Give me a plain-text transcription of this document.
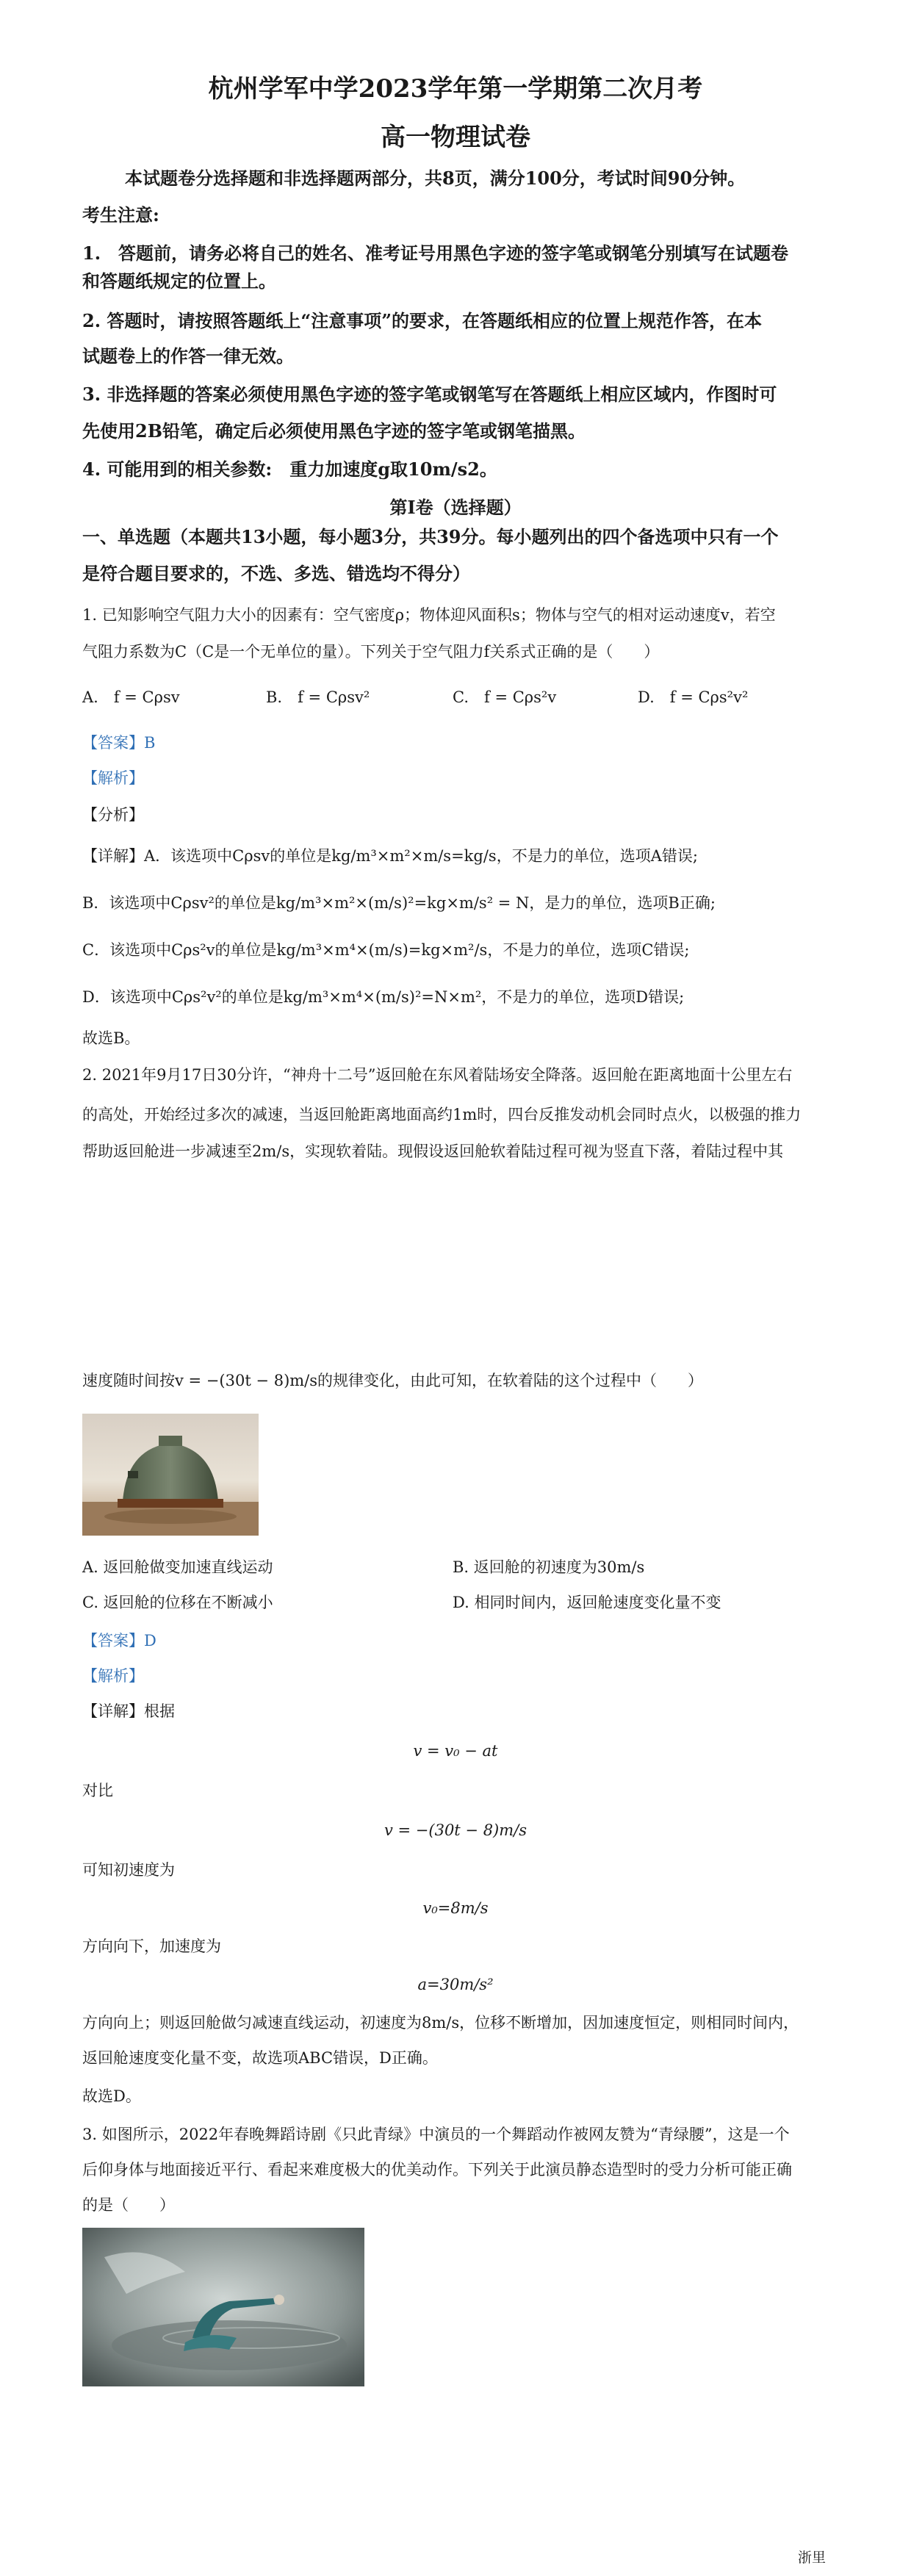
杭州学军中学2023学年第一学期第二次月考
高一物理试卷
本试题卷分选择题和非选择题两部分，共8页，满分100分，考试时间90分钟。
考生注意:
1.　答题前，请务必将自己的姓名、准考证号用黑色字迹的签字笔或钢笔分别填写在试题卷
和答题纸规定的位置上。
2. 答题时，请按照答题纸上“注意事项”的要求，在答题纸相应的位置上规范作答，在本
试题卷上的作答一律无效。
3. 非选择题的答案必须使用黑色字迹的签字笔或钢笔写在答题纸上相应区域内，作图时可
先使用2B铅笔，确定后必须使用黑色字迹的签字笔或钢笔描黑。
4. 可能用到的相关参数:　重力加速度g取10m/s2。
第Ⅰ卷（选择题）
一、单选题（本题共13小题，每小题3分，共39分。每小题列出的四个备选项中只有一个
是符合题目要求的，不选、多选、错选均不得分）
1. 已知影响空气阻力大小的因素有：空气密度ρ；物体迎风面积s；物体与空气的相对运动速度v，若空
气阻力系数为C（C是一个无单位的量）。下列关于空气阻力f关系式正确的是（　　）
A.　f = Cρsv	B.　f = Cρsv²	C.　f = Cρs²v	D.　f = Cρs²v²
【答案】B
【解析】
【分析】
【详解】A．该选项中Cρsv的单位是kg/m³×m²×m/s=kg/s，不是力的单位，选项A错误;
B．该选项中Cρsv²的单位是kg/m³×m²×(m/s)²=kg×m/s² = N，是力的单位，选项B正确;
C．该选项中Cρs²v的单位是kg/m³×m⁴×(m/s)=kg×m²/s，不是力的单位，选项C错误;
D．该选项中Cρs²v²的单位是kg/m³×m⁴×(m/s)²=N×m²，不是力的单位，选项D错误;
故选B。
2. 2021年9月17日30分许，“神舟十二号”返回舱在东风着陆场安全降落。返回舱在距离地面十公里左右
的高处，开始经过多次的减速，当返回舱距离地面高约1m时，四台反推发动机会同时点火，以极强的推力
帮助返回舱进一步减速至2m/s，实现软着陆。现假设返回舱软着陆过程可视为竖直下落，着陆过程中其
速度随时间按v = −(30t − 8)m/s的规律变化，由此可知，在软着陆的这个过程中（　　）
A. 返回舱做变加速直线运动	B. 返回舱的初速度为30m/s
C. 返回舱的位移在不断减小	D. 相同时间内，返回舱速度变化量不变
【答案】D
【解析】
【详解】根据
v = v₀ − at
对比
v = −(30t − 8)m/s
可知初速度为
v₀=8m/s
方向向下，加速度为
a=30m/s²
方向向上；则返回舱做匀减速直线运动，初速度为8m/s，位移不断增加，因加速度恒定，则相同时间内，
返回舱速度变化量不变，故选项ABC错误，D正确。
故选D。
3. 如图所示，2022年春晚舞蹈诗剧《只此青绿》中演员的一个舞蹈动作被网友赞为“青绿腰”，这是一个
后仰身体与地面接近平行、看起来难度极大的优美动作。下列关于此演员静态造型时的受力分析可能正确
的是（　　）
浙里
